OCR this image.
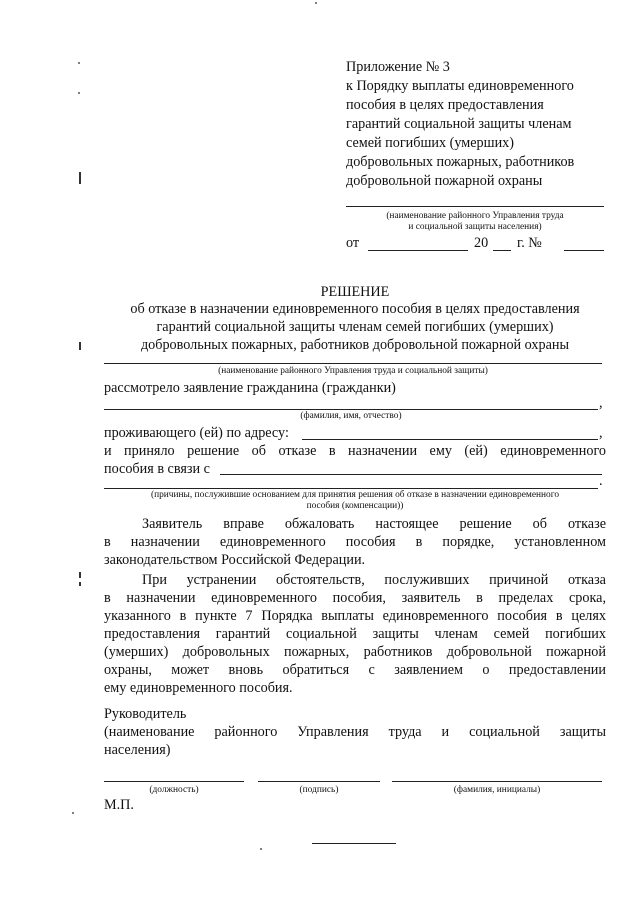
Приложение № 3
к Порядку выплаты единовременного
пособия в целях предоставления
гарантий социальной защиты членам
семей погибших (умерших)
добровольных пожарных, работников
добровольной пожарной охраны
(наименование районного Управления труда
и социальной защиты населения)
от	20 г. №
РЕШЕНИЕ
об отказе в назначении единовременного пособия в целях предоставления
гарантий социальной защиты членам семей погибших (умерших)
добровольных пожарных, работников добровольной пожарной охраны
(наименование районного Управления труда и социальной защиты)
рассмотрело заявление гражданина (гражданки)
,
(фамилия, имя, отчество)
проживающего (ей) по адресу:	,
и приняло решение об отказе в назначении ему (ей) единовременного
пособия в связи с
.
(причины, послужившие основанием для принятия решения об отказе в назначении единовременного
пособия (компенсации))
Заявитель вправе обжаловать настоящее решение об отказе
в назначении единовременного пособия в порядке, установленном
законодательством Российской Федерации.
При устранении обстоятельств, послуживших причиной отказа
в назначении единовременного пособия, заявитель в пределах срока,
указанного в пункте 7 Порядка выплаты единовременного пособия в целях
предоставления гарантий социальной защиты членам семей погибших
(умерших) добровольных пожарных, работников добровольной пожарной
охраны, может вновь обратиться с заявлением о предоставлении
ему единовременного пособия.
Руководитель
(наименование районного Управления труда и социальной защиты
населения)
(должность)	(подпись)	(фамилия, инициалы)
М.П.
